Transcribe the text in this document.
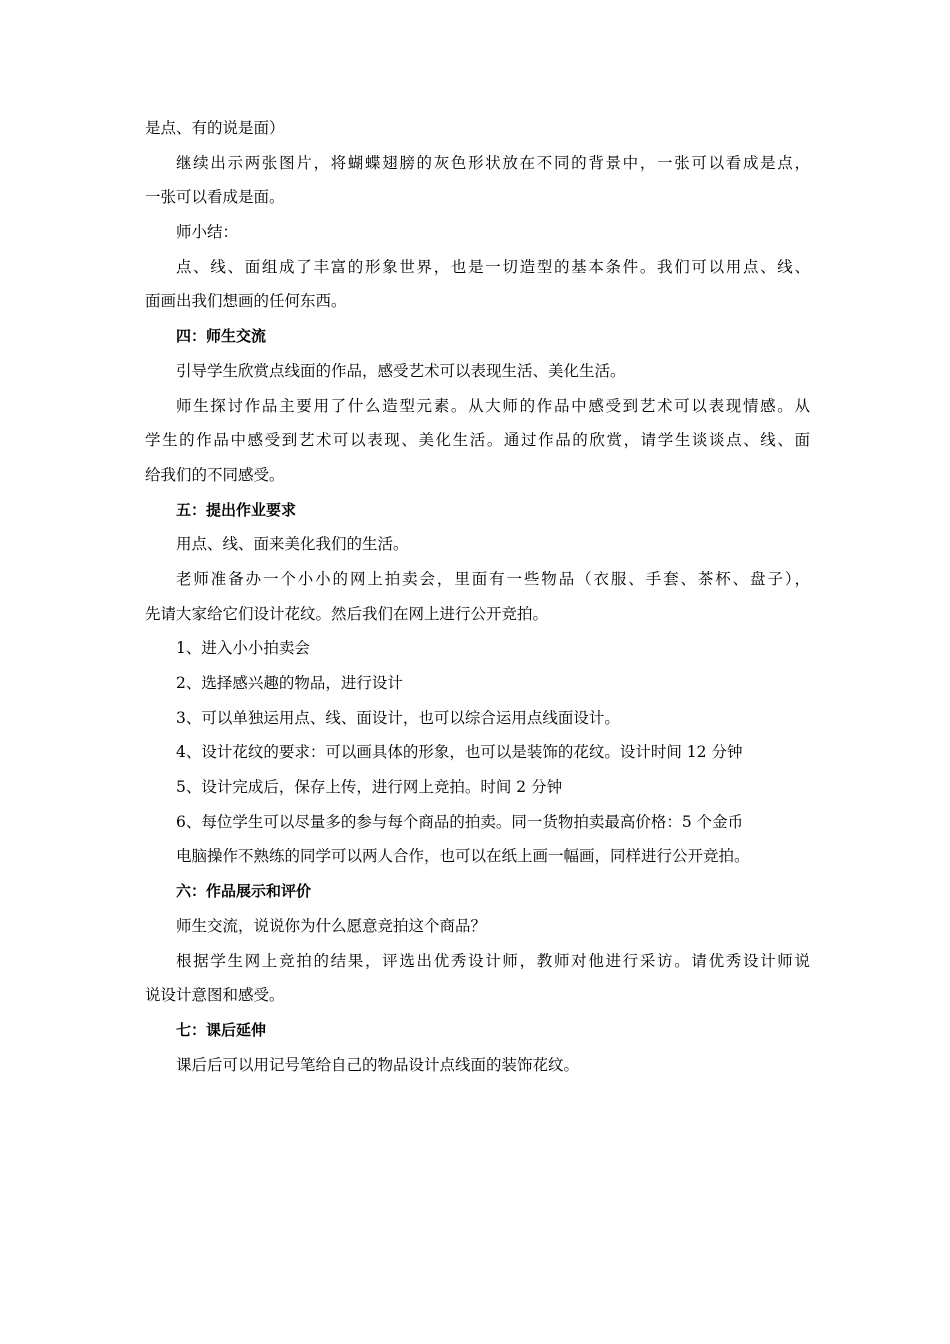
是点、有的说是面）
继续出示两张图片，将蝴蝶翅膀的灰色形状放在不同的背景中，一张可以看成是点，
一张可以看成是面。
师小结：
点、线、面组成了丰富的形象世界，也是一切造型的基本条件。我们可以用点、线、
面画出我们想画的任何东西。
四：师生交流
引导学生欣赏点线面的作品，感受艺术可以表现生活、美化生活。
师生探讨作品主要用了什么造型元素。从大师的作品中感受到艺术可以表现情感。从
学生的作品中感受到艺术可以表现、美化生活。通过作品的欣赏，请学生谈谈点、线、面
给我们的不同感受。
五：提出作业要求
用点、线、面来美化我们的生活。
老师准备办一个小小的网上拍卖会，里面有一些物品（衣服、手套、茶杯、盘子），
先请大家给它们设计花纹。然后我们在网上进行公开竞拍。
1、进入小小拍卖会
2、选择感兴趣的物品，进行设计
3、可以单独运用点、线、面设计，也可以综合运用点线面设计。
4、设计花纹的要求：可以画具体的形象，也可以是装饰的花纹。设计时间 12 分钟
5、设计完成后，保存上传，进行网上竞拍。时间 2 分钟
6、每位学生可以尽量多的参与每个商品的拍卖。同一货物拍卖最高价格：5 个金币
电脑操作不熟练的同学可以两人合作，也可以在纸上画一幅画，同样进行公开竞拍。
六：作品展示和评价
师生交流，说说你为什么愿意竞拍这个商品？
根据学生网上竞拍的结果，评选出优秀设计师，教师对他进行采访。请优秀设计师说
说设计意图和感受。
七：课后延伸
课后后可以用记号笔给自己的物品设计点线面的装饰花纹。
